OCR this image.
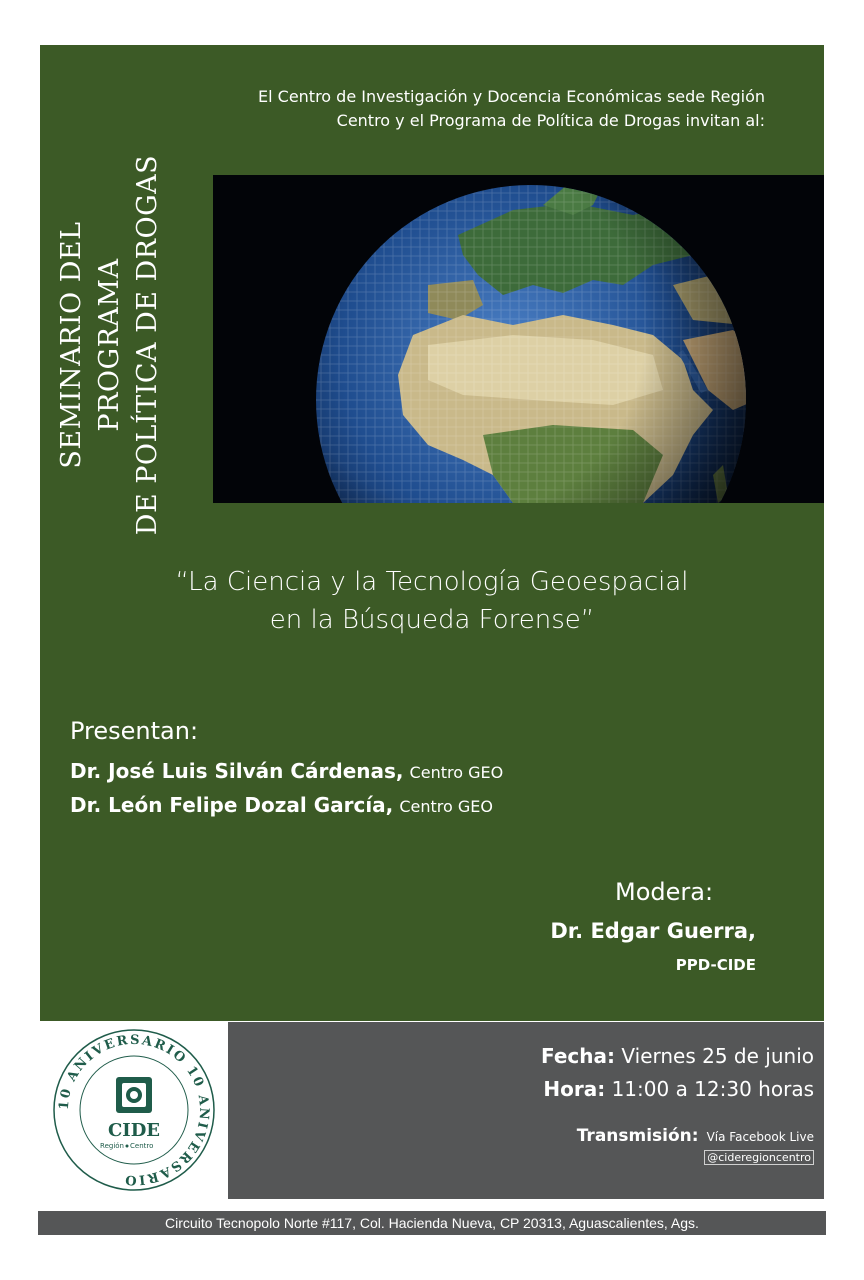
SEMINARIO DEL PROGRAMA DE POLÍTICA DE DROGAS
El Centro de Investigación y Docencia Económicas sede Región
Centro y el Programa de Política de Drogas invitan al:
“La Ciencia y la Tecnología Geoespacial
en la Búsqueda Forense”
Presentan:
Dr. José Luis Silván Cárdenas, Centro GEO
Dr. León Felipe Dozal García, Centro GEO
Modera:
Dr. Edgar Guerra,
PPD-CIDE
10 ANIVERSARIO 10 ANIVERSARIO
CIDE
Región Centro
Fecha: Viernes 25 de junio
Hora: 11:00 a 12:30 horas
Transmisión: Vía Facebook Live
@cideregioncentro
Circuito Tecnopolo Norte #117, Col. Hacienda Nueva, CP 20313, Aguascalientes, Ags.
